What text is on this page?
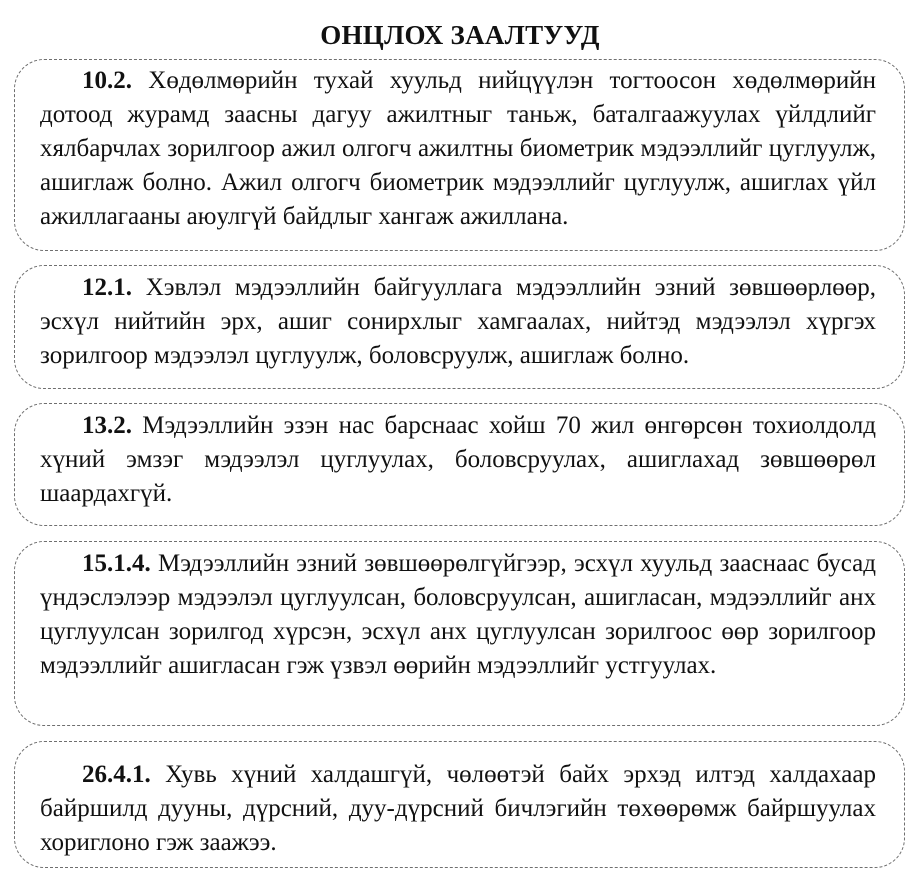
ОНЦЛОХ ЗААЛТУУД

10.2. Хөдөлмөрийн тухай хуульд нийцүүлэн тогтоосон хөдөлмөрийн дотоод журамд заасны дагуу ажилтныг таньж, баталгаажуулах үйлдлийг хялбарчлах зорилгоор ажил олгогч ажилтны биометрик мэдээллийг цуглуулж, ашиглаж болно. Ажил олгогч биометрик мэдээллийг цуглуулж, ашиглах үйл ажиллагааны аюулгүй байдлыг хангаж ажиллана.

12.1. Хэвлэл мэдээллийн байгууллага мэдээллийн эзний зөвшөөрлөөр, эсхүл нийтийн эрх, ашиг сонирхлыг хамгаалах, нийтэд мэдээлэл хүргэх зорилгоор мэдээлэл цуглуулж, боловсруулж, ашиглаж болно.

13.2. Мэдээллийн эзэн нас барснаас хойш 70 жил өнгөрсөн тохиолдолд хүний эмзэг мэдээлэл цуглуулах, боловсруулах, ашиглахад зөвшөөрөл шаардахгүй.

15.1.4. Мэдээллийн эзний зөвшөөрөлгүйгээр, эсхүл хуульд зааснаас бусад үндэслэлээр мэдээлэл цуглуулсан, боловсруулсан, ашигласан, мэдээллийг анх цуглуулсан зорилгод хүрсэн, эсхүл анх цуглуулсан зорилгоос өөр зорилгоор мэдээллийг ашигласан гэж үзвэл өөрийн мэдээллийг устгуулах.

26.4.1. Хувь хүний халдашгүй, чөлөөтэй байх эрхэд илтэд халдахаар байршилд дууны, дүрсний, дуу-дүрсний бичлэгийн төхөөрөмж байршуулах хориглоно гэж заажээ.
